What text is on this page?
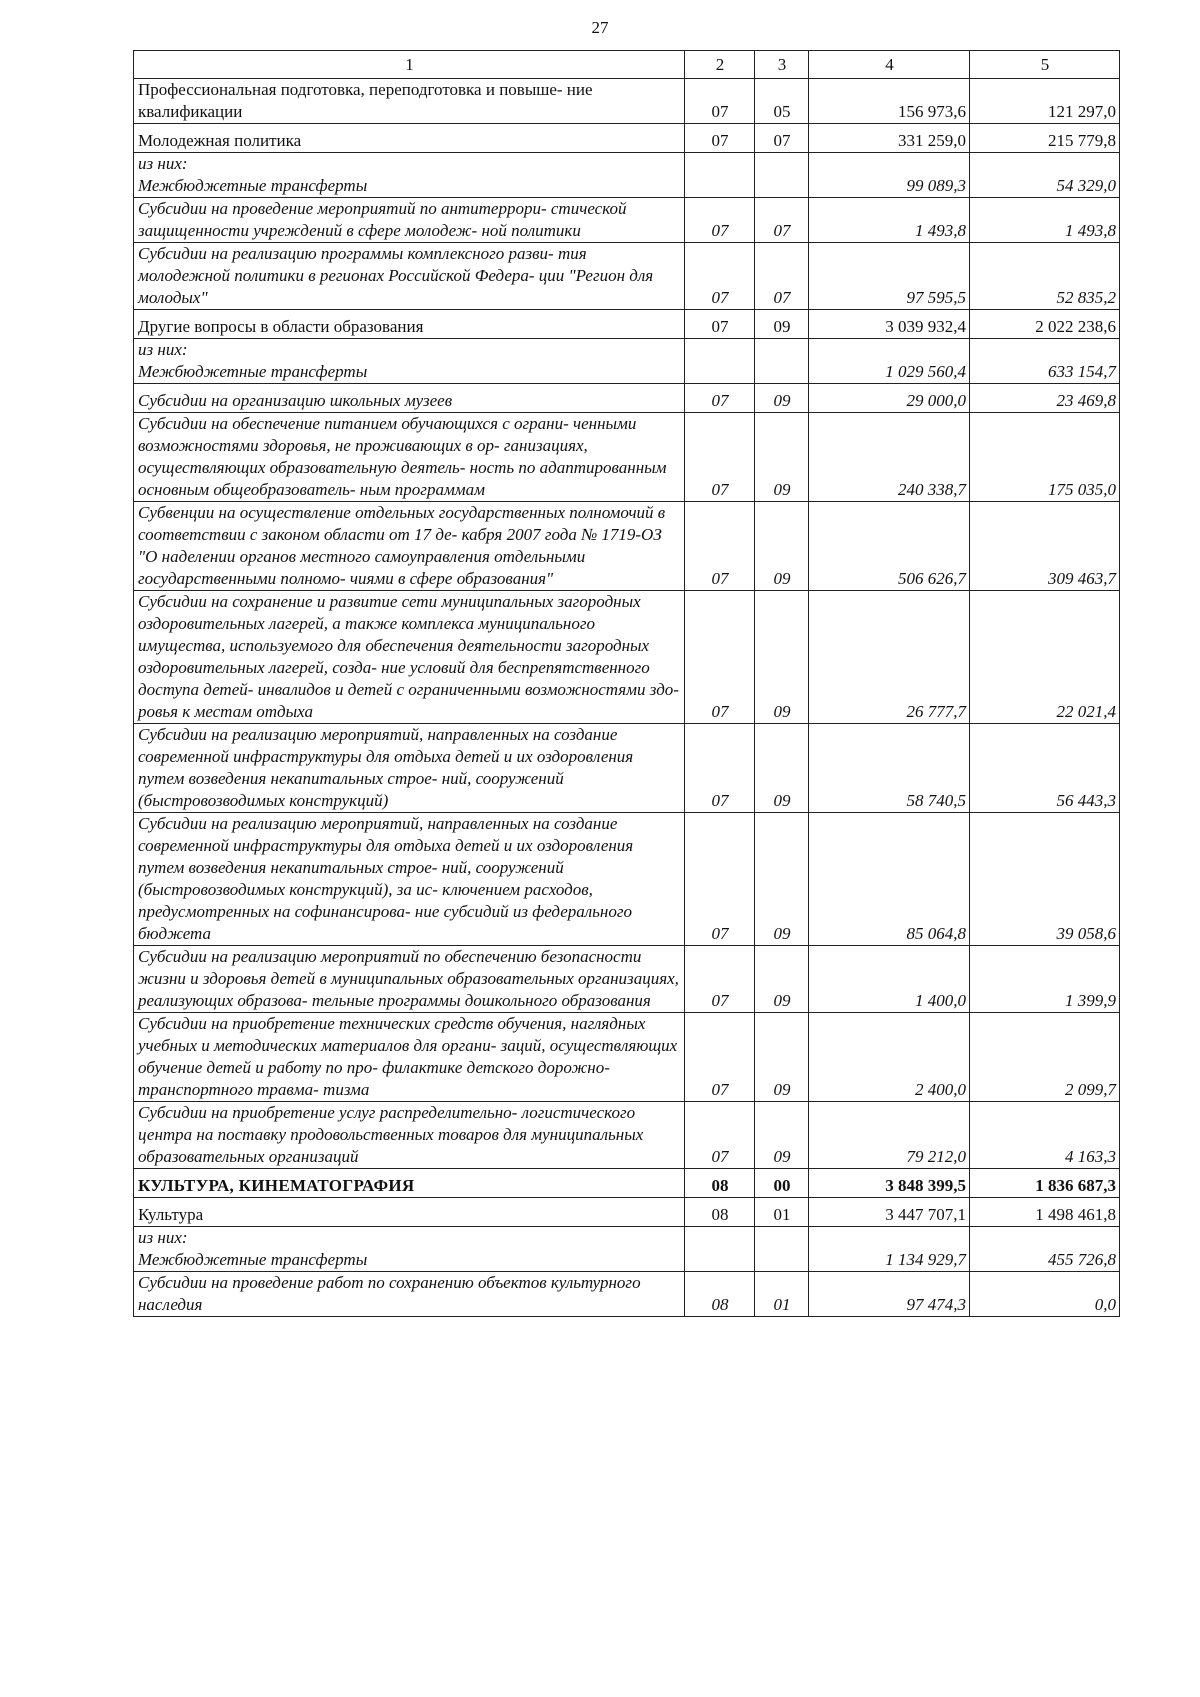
27
1	2	3	4	5
Профессиональная подготовка, переподготовка и повыше- ние квалификации	07	05	156 973,6	121 297,0
Молодежная политика	07	07	331 259,0	215 779,8

из них:
Межбюджетные трансферты			99 089,3	54 329,0
Субсидии на проведение мероприятий по антитеррори- стической защищенности учреждений в сфере молодеж- ной политики	07	07	1 493,8	1 493,8
Субсидии на реализацию программы комплексного разви- тия молодежной политики в регионах Российской Федера- ции "Регион для молодых"	07	07	97 595,5	52 835,2
Другие вопросы в области образования	07	09	3 039 932,4	2 022 238,6

из них:
Межбюджетные трансферты			1 029 560,4	633 154,7
Субсидии на организацию школьных музеев	07	09	29 000,0	23 469,8
Субсидии на обеспечение питанием обучающихся с ограни- ченными возможностями здоровья, не проживающих в ор- ганизациях, осуществляющих образовательную деятель- ность по адаптированным основным общеобразователь- ным программам	07	09	240 338,7	175 035,0
Субвенции на осуществление отдельных государственных полномочий в соответствии с законом области от 17 де- кабря 2007 года № 1719-ОЗ "О наделении органов местного самоуправления отдельными государственными полномо- чиями в сфере образования"	07	09	506 626,7	309 463,7
Субсидии на сохранение и развитие сети муниципальных загородных оздоровительных лагерей, а также комплекса муниципального имущества, используемого для обеспечения деятельности загородных оздоровительных лагерей, созда- ние условий для беспрепятственного доступа детей- инвалидов и детей с ограниченными возможностями здо- ровья к местам отдыха	07	09	26 777,7	22 021,4
Субсидии на реализацию мероприятий, направленных на создание современной инфраструктуры для отдыха детей и их оздоровления путем возведения некапитальных строе- ний, сооружений (быстровозводимых конструкций)	07	09	58 740,5	56 443,3
Субсидии на реализацию мероприятий, направленных на создание современной инфраструктуры для отдыха детей и их оздоровления путем возведения некапитальных строе- ний, сооружений (быстровозводимых конструкций), за ис- ключением расходов, предусмотренных на софинансирова- ние субсидий из федерального бюджета	07	09	85 064,8	39 058,6
Субсидии на реализацию мероприятий по обеспечению безопасности жизни и здоровья детей в муниципальных образовательных организациях, реализующих образова- тельные программы дошкольного образования	07	09	1 400,0	1 399,9
Субсидии на приобретение технических средств обучения, наглядных учебных и методических материалов для органи- заций, осуществляющих обучение детей и работу по про- филактике детского дорожно-транспортного травма- тизма	07	09	2 400,0	2 099,7
Субсидии на приобретение услуг распределительно- логистического центра на поставку продовольственных товаров для муниципальных образовательных организаций	07	09	79 212,0	4 163,3
КУЛЬТУРА, КИНЕМАТОГРАФИЯ	08	00	3 848 399,5	1 836 687,3
Культура	08	01	3 447 707,1	1 498 461,8

из них:
Межбюджетные трансферты			1 134 929,7	455 726,8
Субсидии на проведение работ по сохранению объектов культурного наследия	08	01	97 474,3	0,0
